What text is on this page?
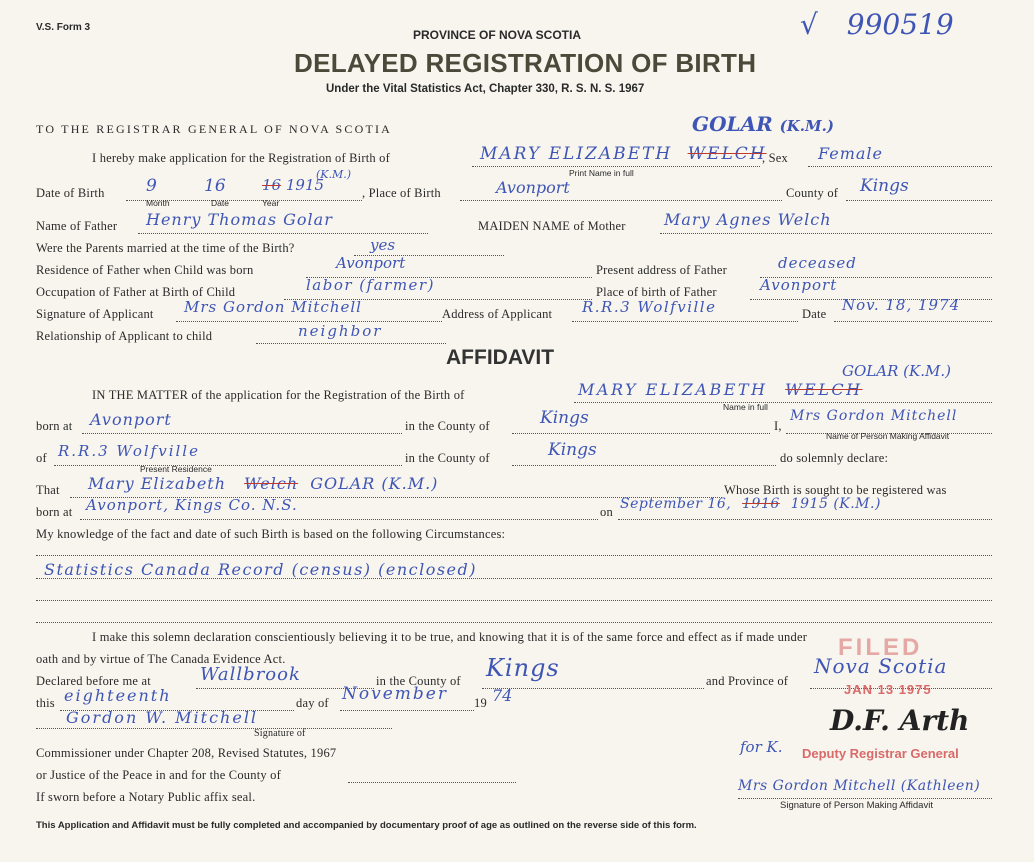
V.S. Form 3	√ 990519
PROVINCE OF NOVA SCOTIA
DELAYED REGISTRATION OF BIRTH
Under the Vital Statistics Act, Chapter 330, R. S. N. S. 1967
TO THE REGISTRAR GENERAL OF NOVA SCOTIA	GOLAR (K.M.)
I hereby make application for the Registration of Birth of	MARY ELIZABETH WELCH
Print Name in full
, Sex Female
Date of Birth 9	16 16 1915
(K.M.)
Month	Date	Year
, Place of Birth	Avonport	County of Kings
Name of Father Henry Thomas Golar	MAIDEN NAME of Mother Mary Agnes Welch
Were the Parents married at the time of the Birth?	yes
Residence of Father when Child was born	Avonport	Present address of Father	deceased
Occupation of Father at Birth of Child	labor (farmer)	Place of birth of Father	Avonport
Signature of Applicant Mrs Gordon Mitchell	Address of Applicant R.R.3 Wolfville	Date Nov. 18, 1974
Relationship of Applicant to child	neighbor
AFFIDAVIT
GOLAR (K.M.)
IN THE MATTER of the application for the Registration of the Birth of	MARY ELIZABETH WELCH
Name in full
born at Avonport	in the County of	Kings	I,
Mrs Gordon Mitchell
Name of Person Making Affidavit
of R.R.3 Wolfville
Present Residence
in the County of	Kings	do solemnly declare:
That Mary Elizabeth Welch GOLAR (K.M.)	Whose Birth is sought to be registered was
born at Avonport, Kings Co. N.S.	on September 16, 1916 1915 (K.M.)
My knowledge of the fact and date of such Birth is based on the following Circumstances:
Statistics Canada Record (census) (enclosed)
I make this solemn declaration conscientiously believing it to be true, and knowing that it is of the same force and effect as if made under
oath and by virtue of The Canada Evidence Act.
Declared before me at	Wallbrook	in the County of Kings	and Province of
Nova Scotia
this eighteenth	day of November 19 74
Gordon W. Mitchell
Signature of
Commissioner under Chapter 208, Revised Statutes, 1967
or Justice of the Peace in and for the County of
If sworn before a Notary Public affix seal.
FILED
JAN 13 1975
D.F. Arth
for K. Deputy Registrar General
Mrs Gordon Mitchell (Kathleen)
Signature of Person Making Affidavit
This Application and Affidavit must be fully completed and accompanied by documentary proof of age as outlined on the reverse side of this form.
